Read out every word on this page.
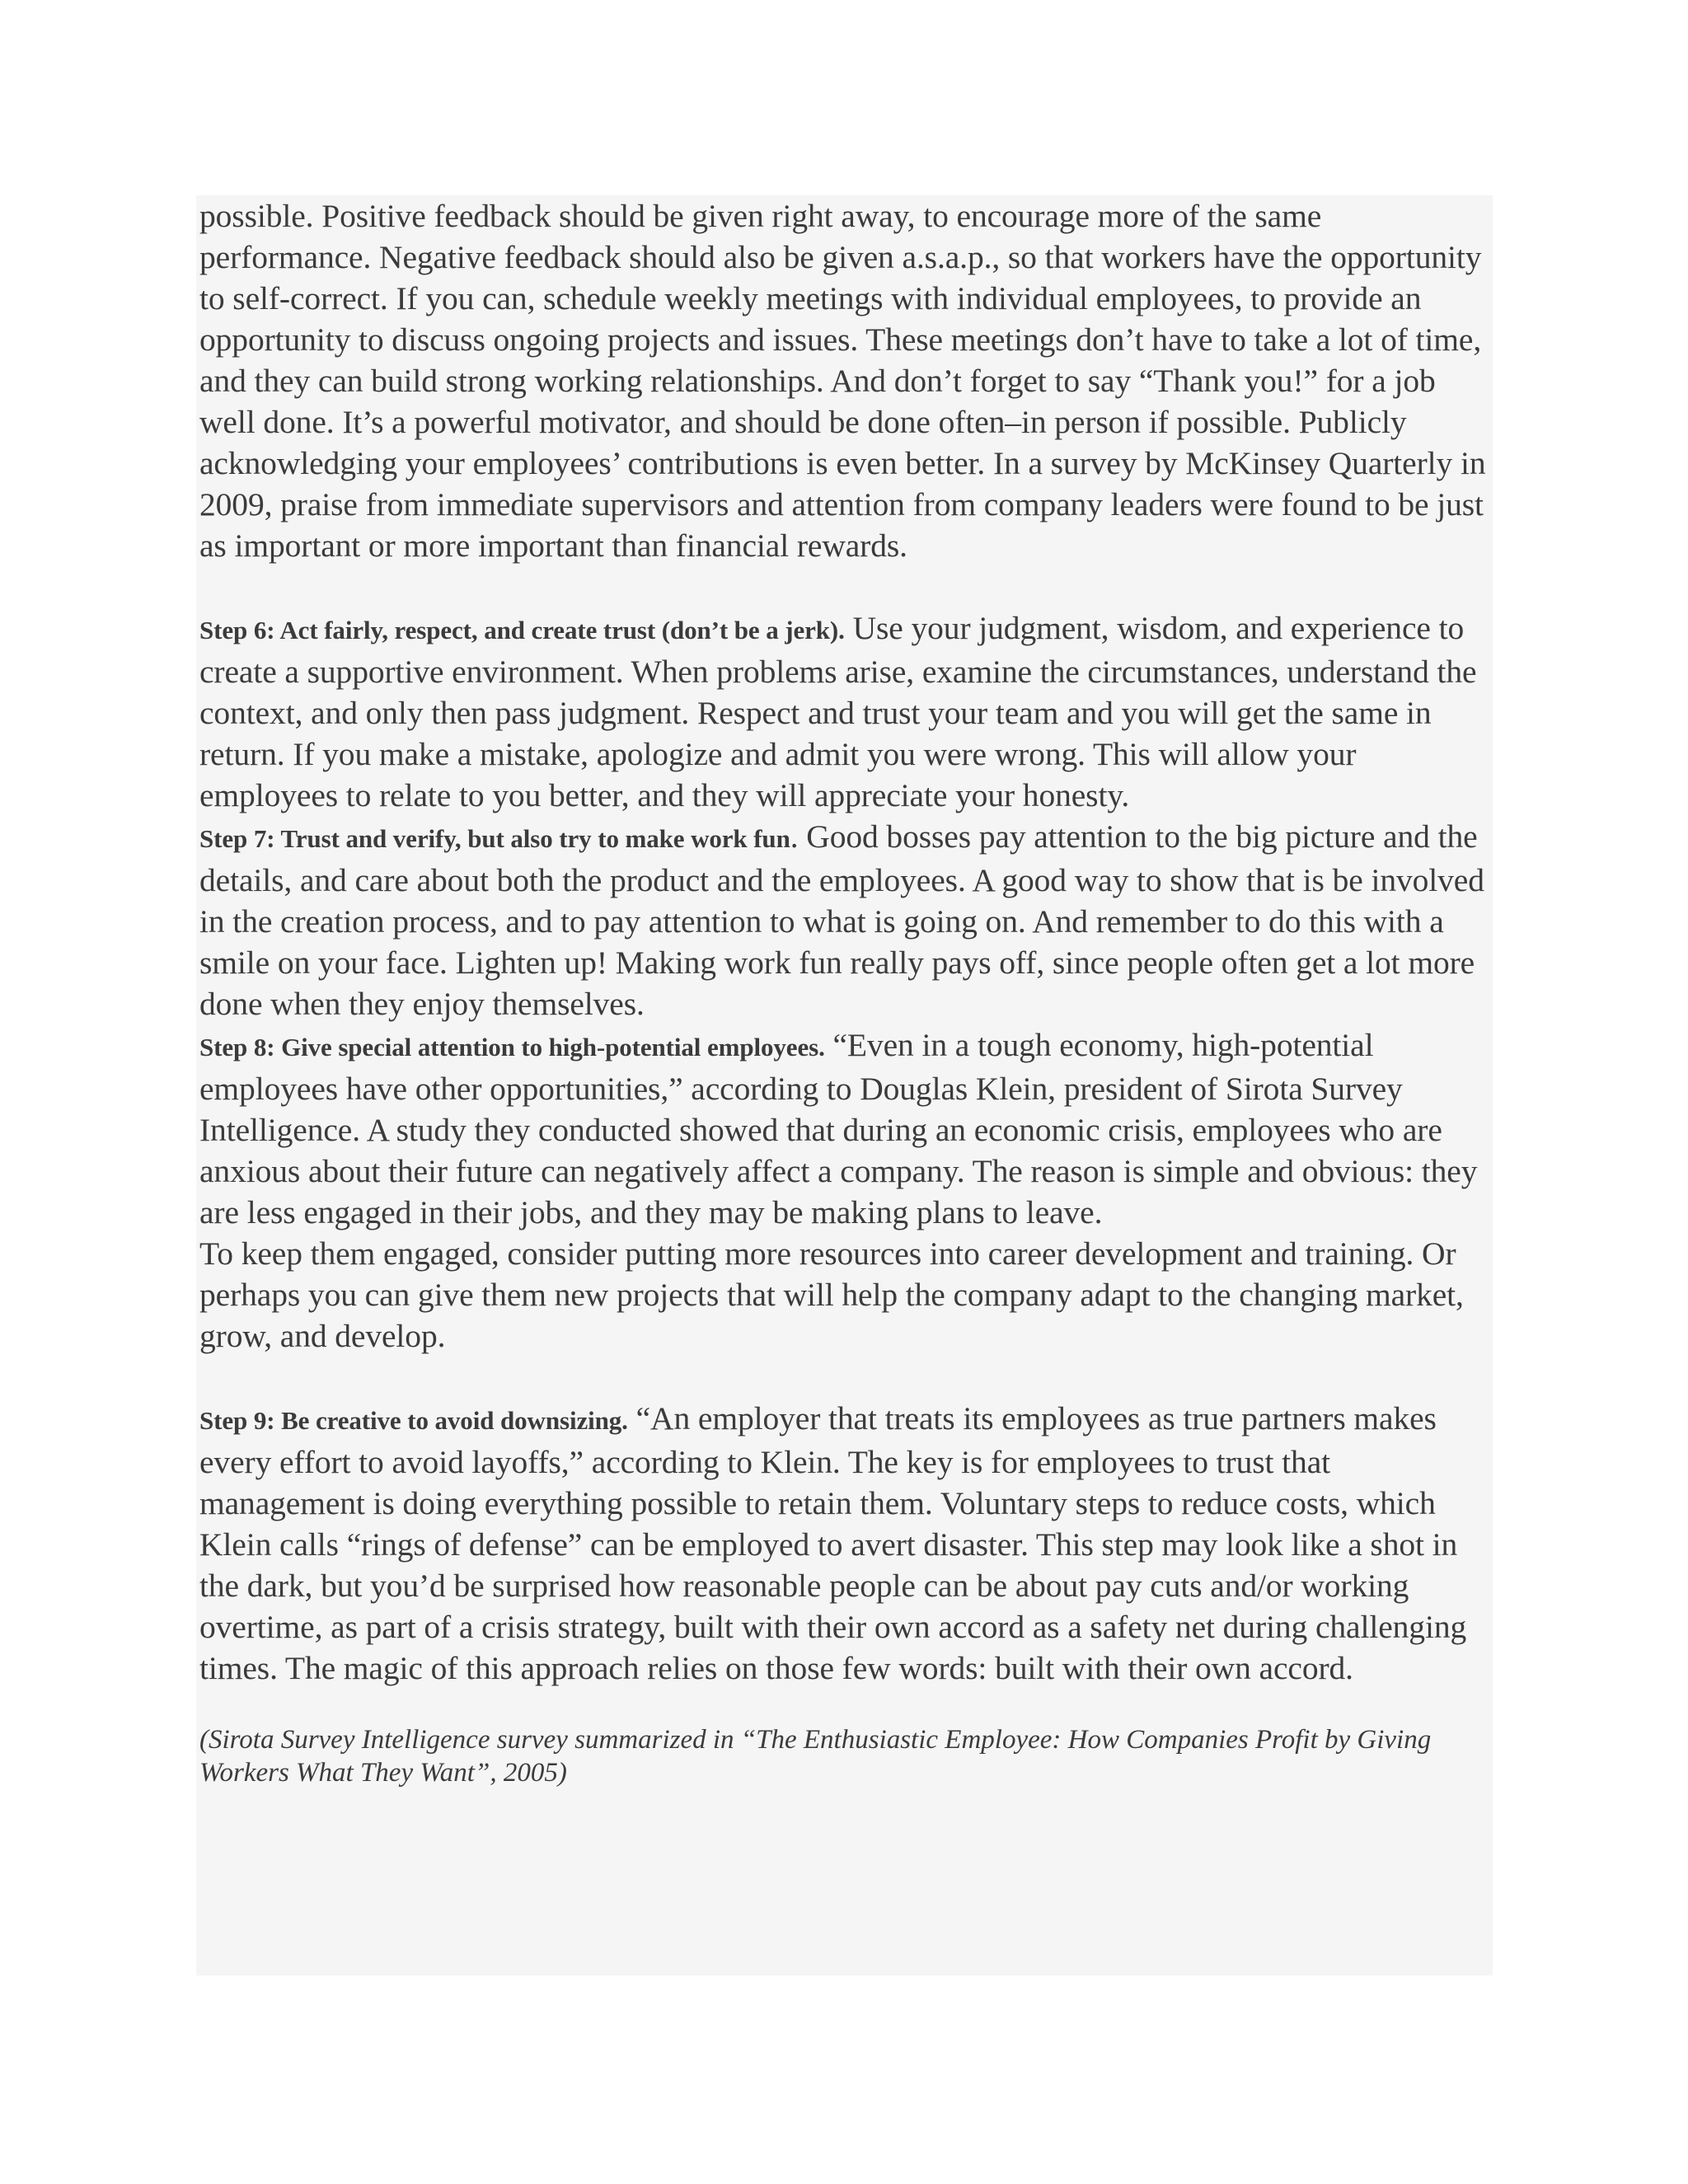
possible. Positive feedback should be given right away, to encourage more of the same performance. Negative feedback should also be given a.s.a.p., so that workers have the opportunity to self-correct. If you can, schedule weekly meetings with individual employees, to provide an opportunity to discuss ongoing projects and issues. These meetings don’t have to take a lot of time, and they can build strong working relationships. And don’t forget to say “Thank you!” for a job well done. It’s a powerful motivator, and should be done often–in person if possible. Publicly acknowledging your employees’ contributions is even better. In a survey by McKinsey Quarterly in 2009, praise from immediate supervisors and attention from company leaders were found to be just as important or more important than financial rewards.

Step 6: Act fairly, respect, and create trust (don’t be a jerk). Use your judgment, wisdom, and experience to create a supportive environment. When problems arise, examine the circumstances, understand the context, and only then pass judgment. Respect and trust your team and you will get the same in return. If you make a mistake, apologize and admit you were wrong. This will allow your employees to relate to you better, and they will appreciate your honesty.

Step 7: Trust and verify, but also try to make work fun. Good bosses pay attention to the big picture and the details, and care about both the product and the employees. A good way to show that is be involved in the creation process, and to pay attention to what is going on. And remember to do this with a smile on your face. Lighten up! Making work fun really pays off, since people often get a lot more done when they enjoy themselves.

Step 8: Give special attention to high-potential employees. “Even in a tough economy, high-potential employees have other opportunities,” according to Douglas Klein, president of Sirota Survey Intelligence. A study they conducted showed that during an economic crisis, employees who are anxious about their future can negatively affect a company. The reason is simple and obvious: they are less engaged in their jobs, and they may be making plans to leave.

To keep them engaged, consider putting more resources into career development and training. Or perhaps you can give them new projects that will help the company adapt to the changing market, grow, and develop.

Step 9: Be creative to avoid downsizing. “An employer that treats its employees as true partners makes every effort to avoid layoffs,” according to Klein. The key is for employees to trust that management is doing everything possible to retain them. Voluntary steps to reduce costs, which Klein calls “rings of defense” can be employed to avert disaster. This step may look like a shot in the dark, but you’d be surprised how reasonable people can be about pay cuts and/or working overtime, as part of a crisis strategy, built with their own accord as a safety net during challenging times. The magic of this approach relies on those few words: built with their own accord.

(Sirota Survey Intelligence survey summarized in “The Enthusiastic Employee: How Companies Profit by Giving Workers What They Want”, 2005)
